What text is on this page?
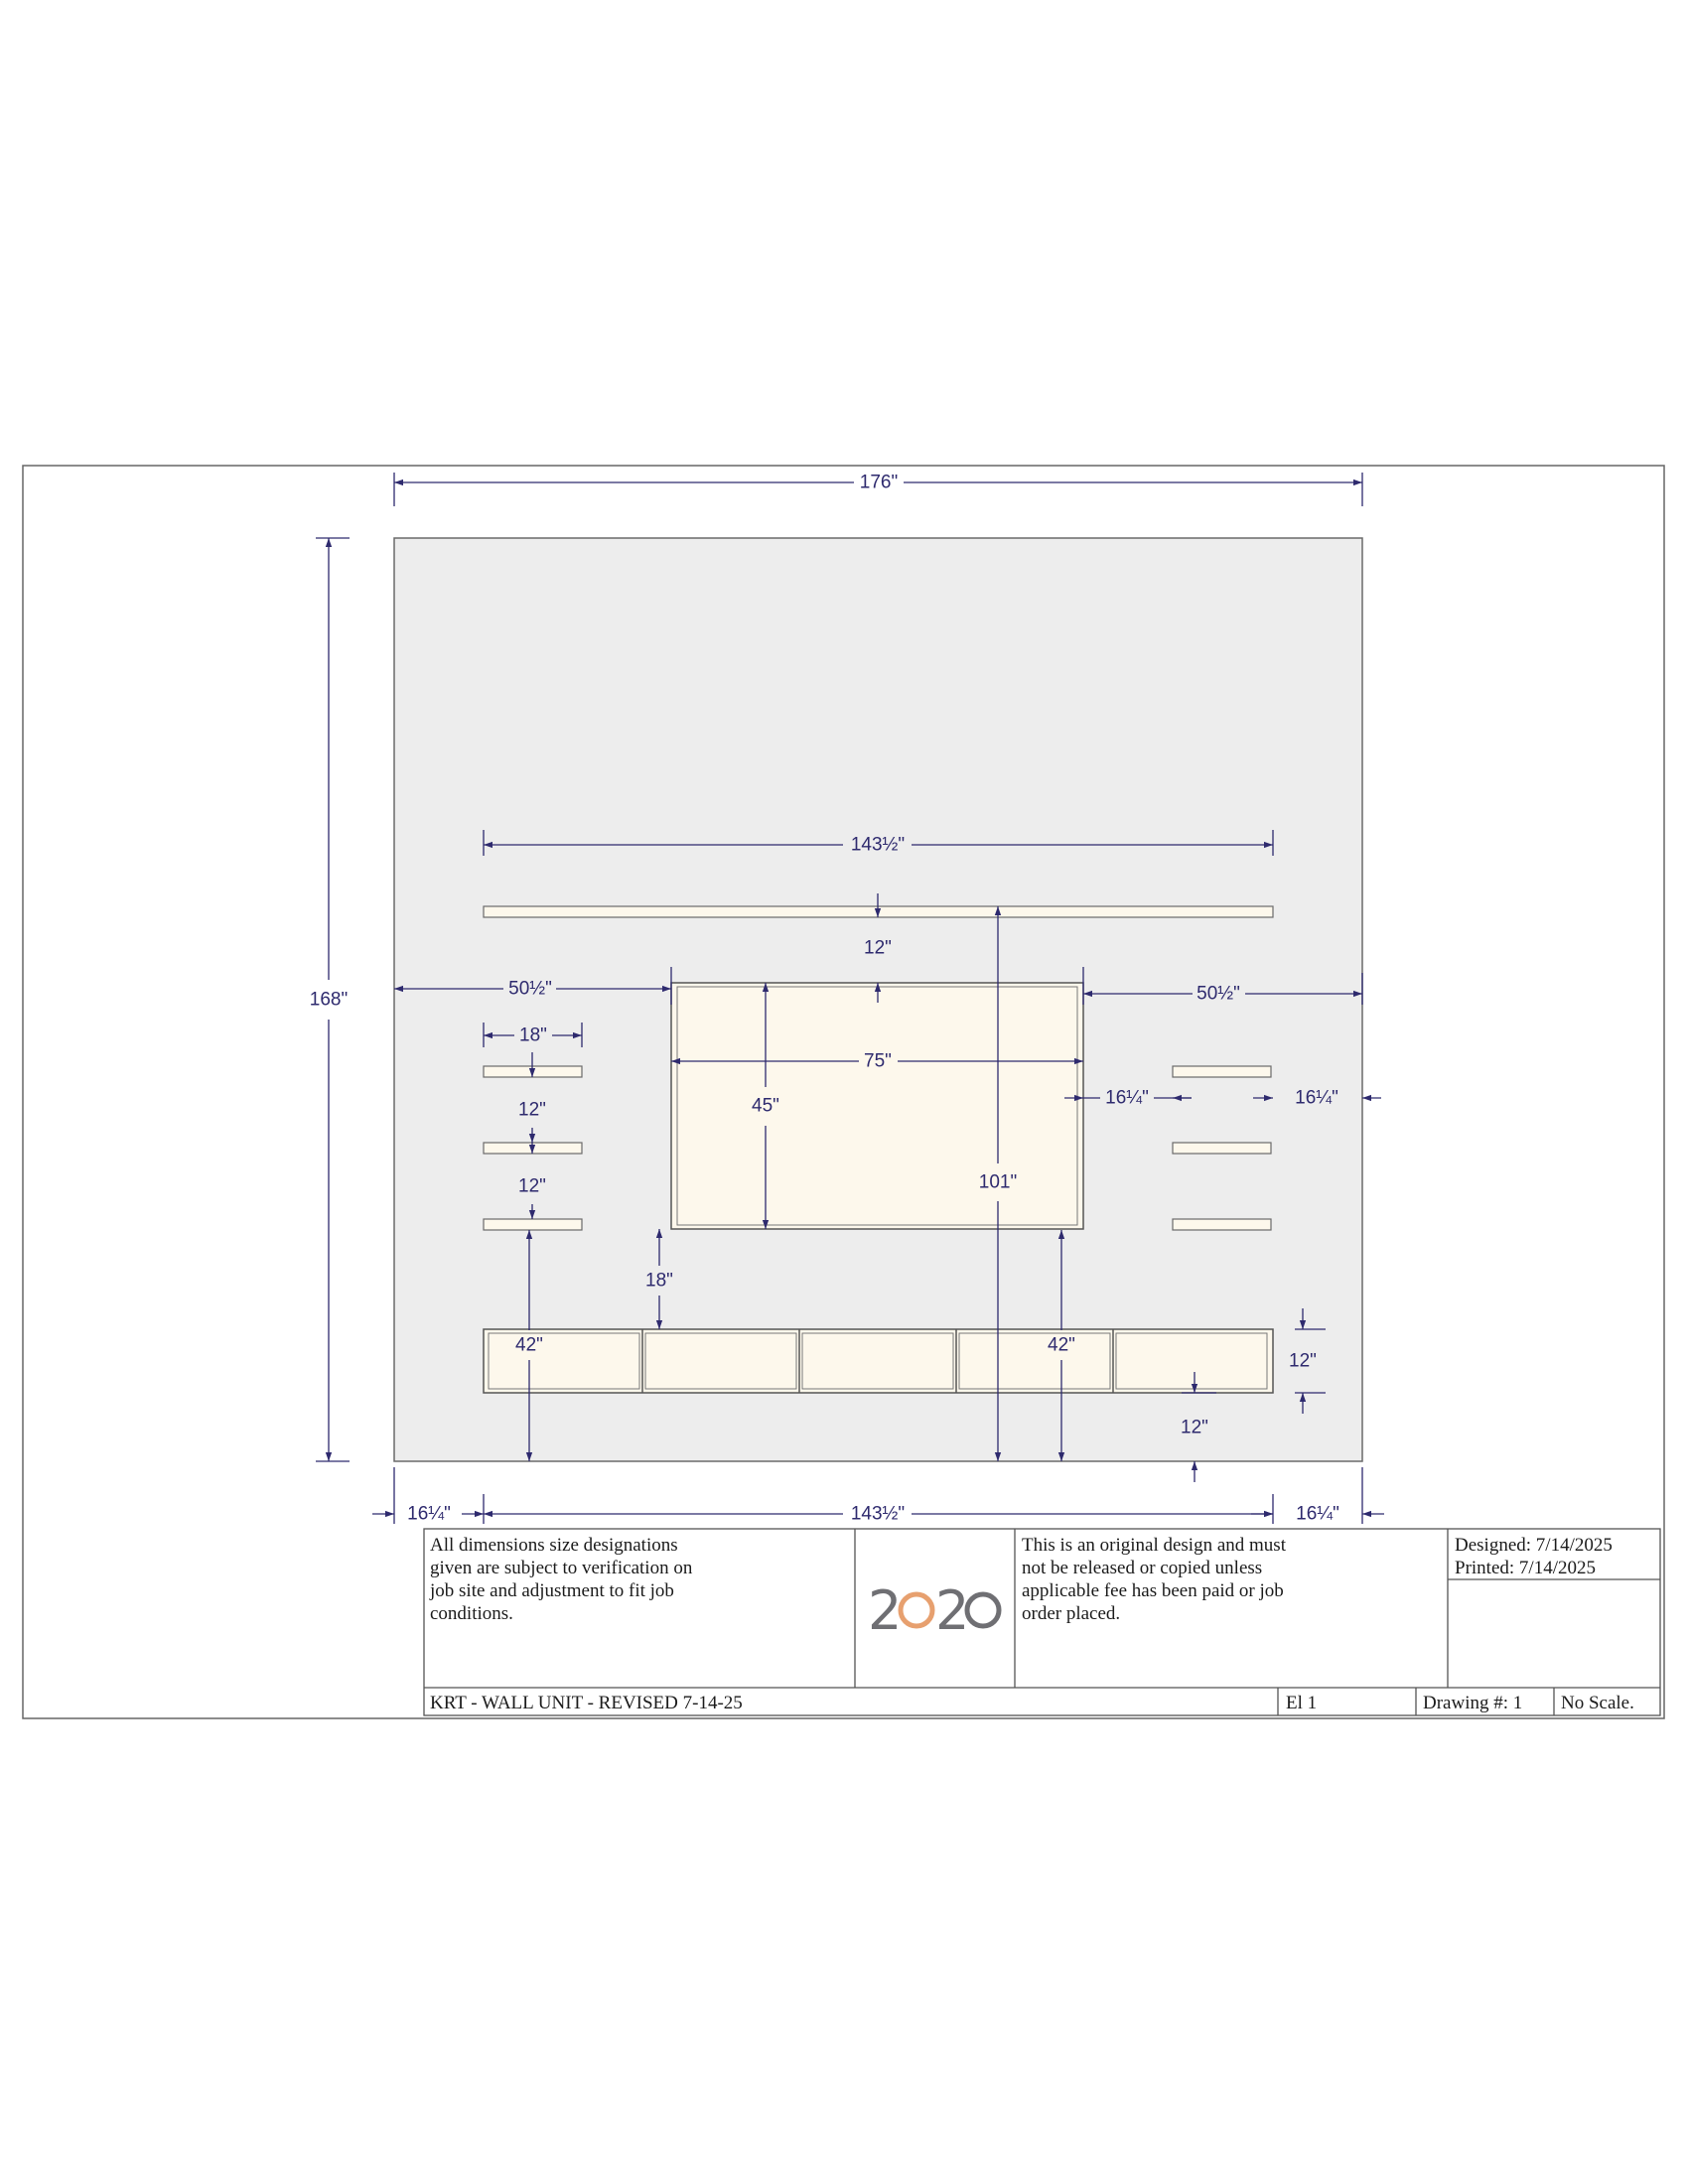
176"
168"
143½"
12"
50½"	50½"
18"
12"
12"
75"
45"	16¼"	16¼"
101"
18"
42"	42"
12"
12"
16¼"	143½"	16¼"
All dimensions size designations
given are subject to verification on
job site and adjustment to fit job
conditions.	2 2
This is an original design and must
not be released or copied unless
applicable fee has been paid or job
order placed.
Designed: 7/14/2025
Printed: 7/14/2025
KRT - WALL UNIT - REVISED 7-14-25	El 1	Drawing #: 1 No Scale.
